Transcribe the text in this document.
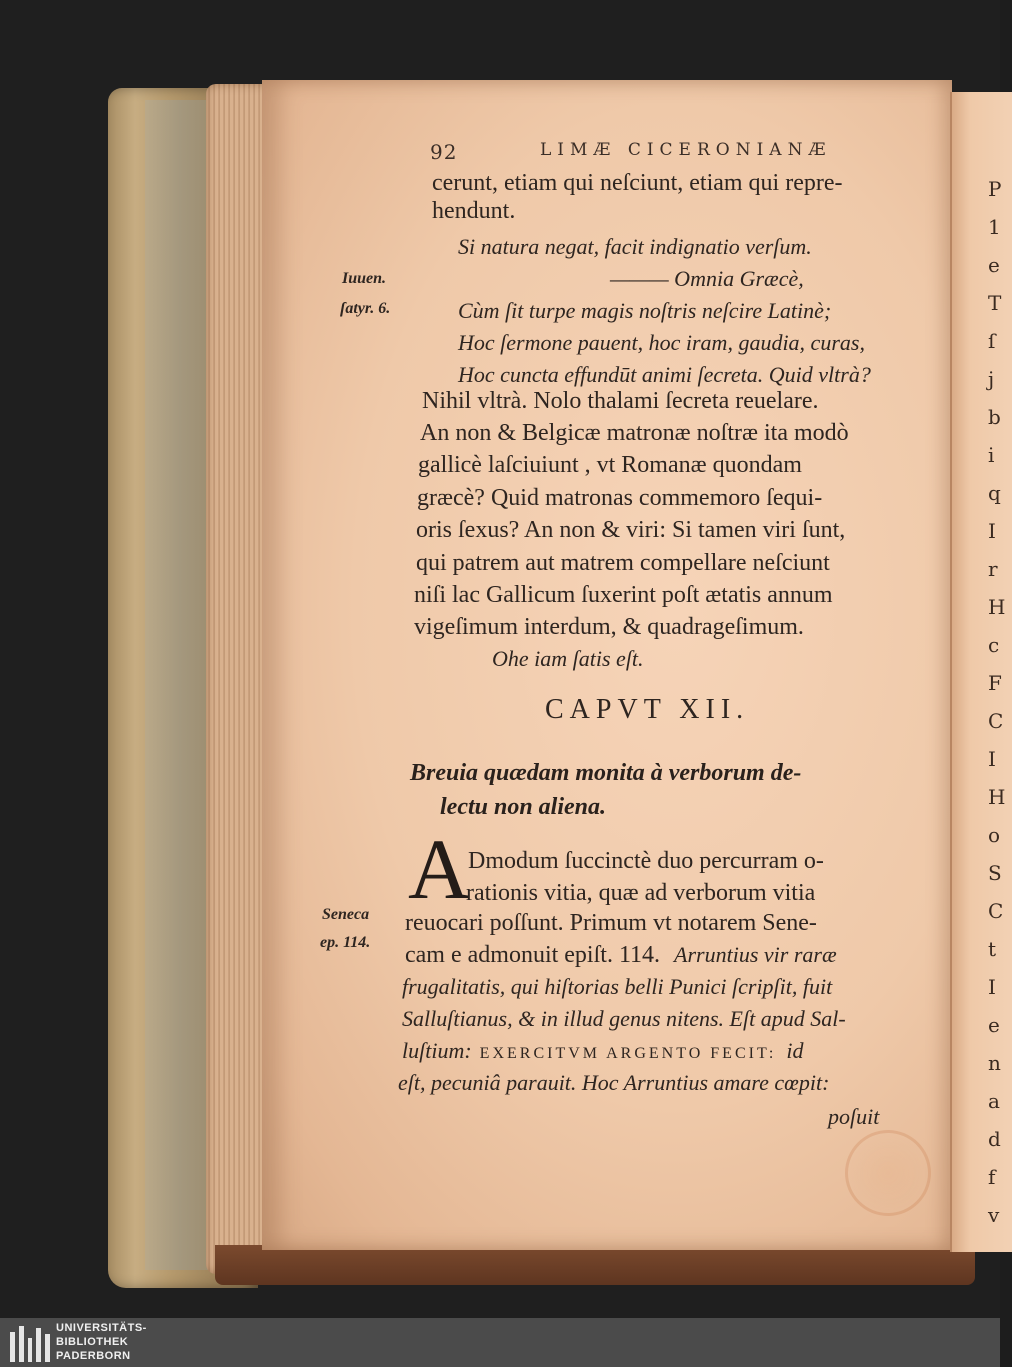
P
1
e
T
ſ
j
b
i
q
I
r
H
c
F
C
I
H
o
S
C
t
I
e
n
a
d
f
v
92	LIMÆ CICERONIANÆ
cerunt, etiam qui neſciunt, etiam qui repre-
hendunt.
Si natura negat, facit indignatio verſum.
——— Omnia Græcè,
Cùm ſit turpe magis noſtris neſcire Latinè;
Hoc ſermone pauent, hoc iram, gaudia, curas,
Hoc cunctа effundūt animi ſecreta. Quid vltrà?
Iuuen.
ſatyr. 6.
Nihil vltrà. Nolo thalami ſecreta reuelare.
An non & Belgicæ matronæ noſtræ ita modò
gallicè laſciuiunt , vt Romanæ quondam
græcè? Quid matronas commemoro ſequi-
oris ſexus? An non & viri: Si tamen viri ſunt,
qui patrem aut matrem compellare neſciunt
niſi lac Gallicum ſuxerint poſt ætatis annum
vigeſimum interdum, & quadrageſimum.
Ohe iam ſatis eſt.
CAPVT XII.
Breuia quædam monita à verborum de-
lectu non aliena.
A
Dmodum ſuccinctè duo percurram o-
rationis vitia, quæ ad verborum vitia
reuocari poſſunt. Primum vt notarem Sene-
cam e admonuit epiſt. 114. Arruntius vir raræ
frugalitatis, qui hiſtorias belli Punici ſcripſit, fuit
Salluſtianus, & in illud genus nitens. Eſt apud Sal-
luſtium: EXERCITVM ARGENTO FECIT: id
eſt, pecuniâ parauit. Hoc Arruntius amare cœpit:
poſuit
Seneca
ep. 114.
UNIVERSITÄTS-
BIBLIOTHEK
PADERBORN
